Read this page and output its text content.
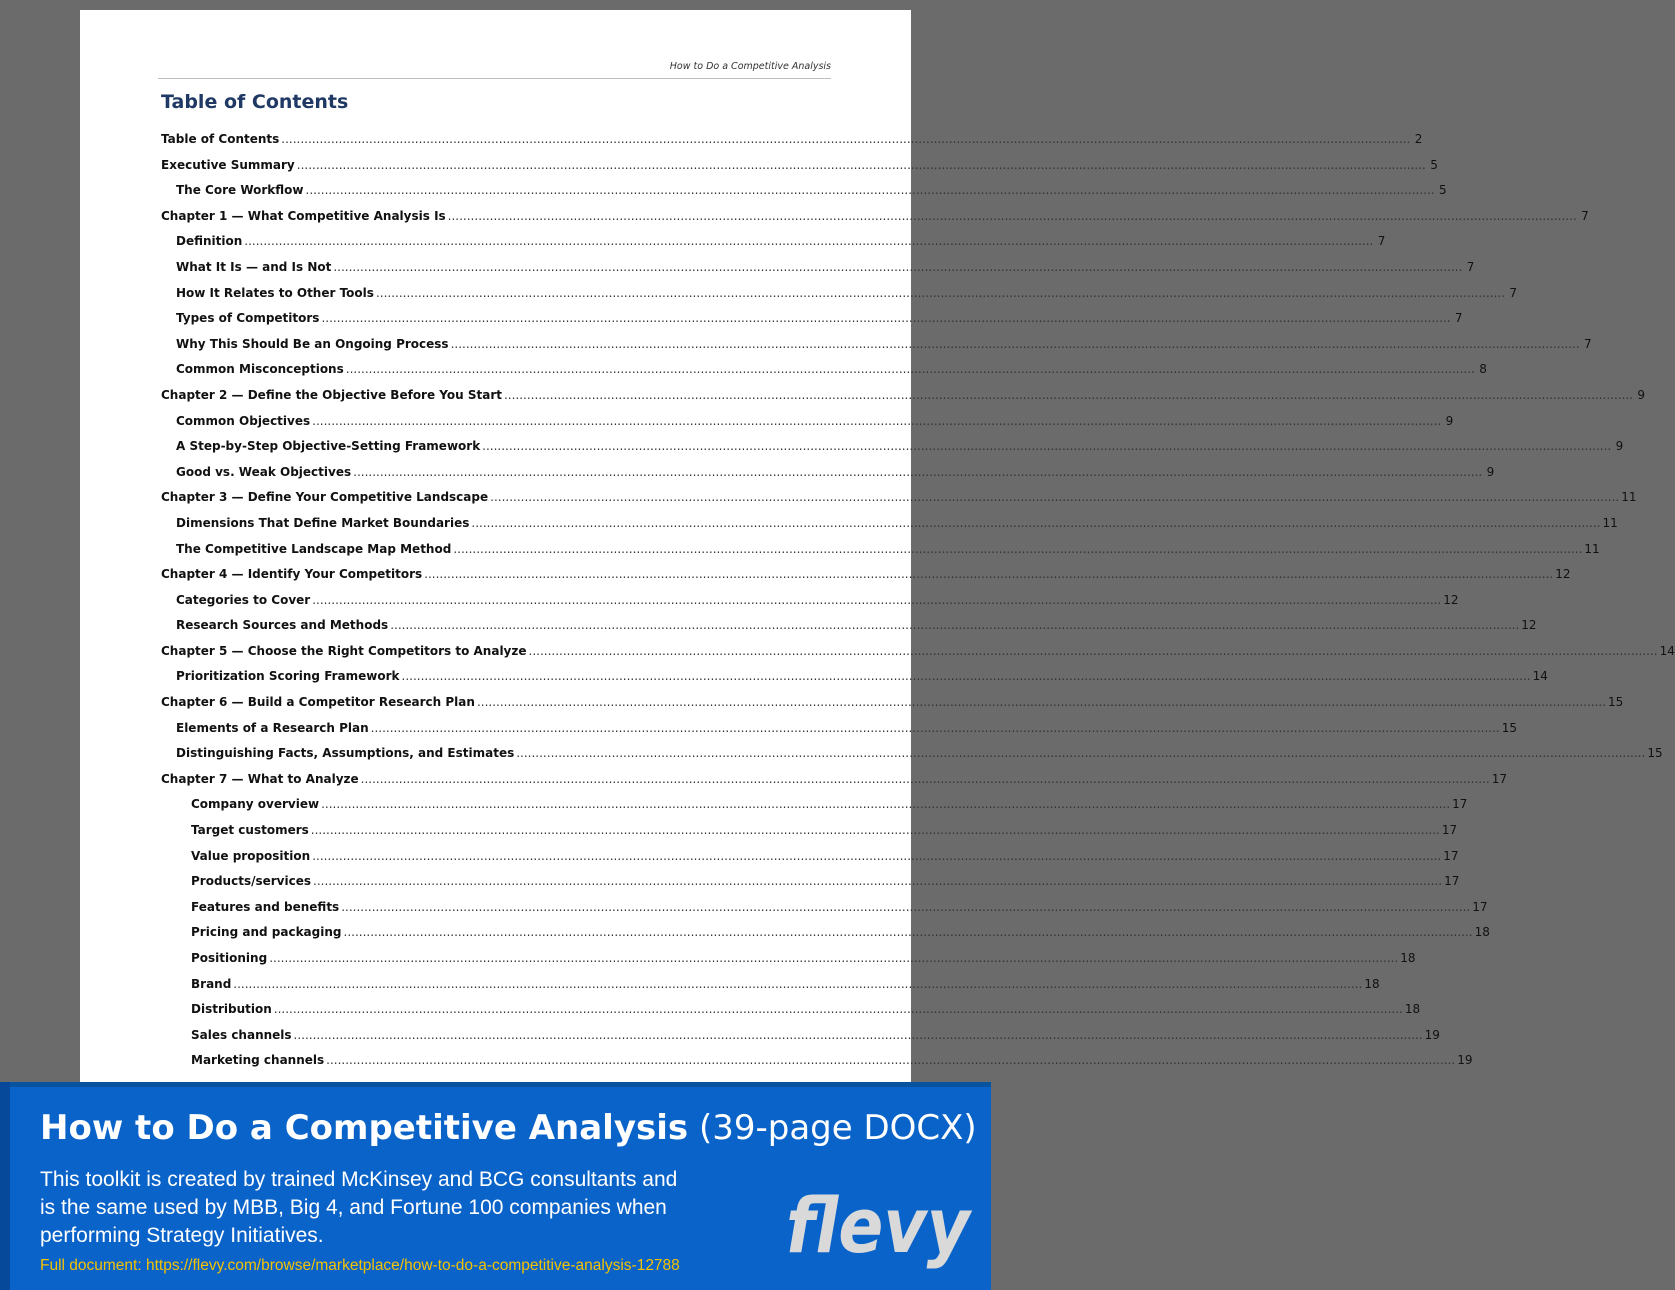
How to Do a Competitive Analysis
Table of Contents
Table of Contents .....	2
Executive Summary .....	5
The Core Workflow .....	5
Chapter 1 — What Competitive Analysis Is .....	7
Definition .....	7
What It Is — and Is Not .....	7
How It Relates to Other Tools .....	7
Types of Competitors .....	7
Why This Should Be an Ongoing Process .....	7
Common Misconceptions .....	8
Chapter 2 — Define the Objective Before You Start .....	9
Common Objectives .....	9
A Step-by-Step Objective-Setting Framework .....	9
Good vs. Weak Objectives .....	9
Chapter 3 — Define Your Competitive Landscape .....	11
Dimensions That Define Market Boundaries .....	11
The Competitive Landscape Map Method .....	11
Chapter 4 — Identify Your Competitors .....	12
Categories to Cover .....	12
Research Sources and Methods .....	12
Chapter 5 — Choose the Right Competitors to Analyze .....	14
Prioritization Scoring Framework .....	14
Chapter 6 — Build a Competitor Research Plan .....	15
Elements of a Research Plan .....	15
Distinguishing Facts, Assumptions, and Estimates .....	15
Chapter 7 — What to Analyze .....	17
Company overview .....	17
Target customers .....	17
Value proposition .....	17
Products/services .....	17
Features and benefits .....	17
Pricing and packaging .....	18
Positioning .....	18
Brand .....	18
Distribution .....	18
Sales channels .....	19
Marketing channels .....	19
How to Do a Competitive Analysis (39-page DOCX)
This toolkit is created by trained McKinsey and BCG consultants and is the same used by MBB, Big 4, and Fortune 100 companies when performing Strategy Initiatives.
Full document: https://flevy.com/browse/marketplace/how-to-do-a-competitive-analysis-12788 flevy
